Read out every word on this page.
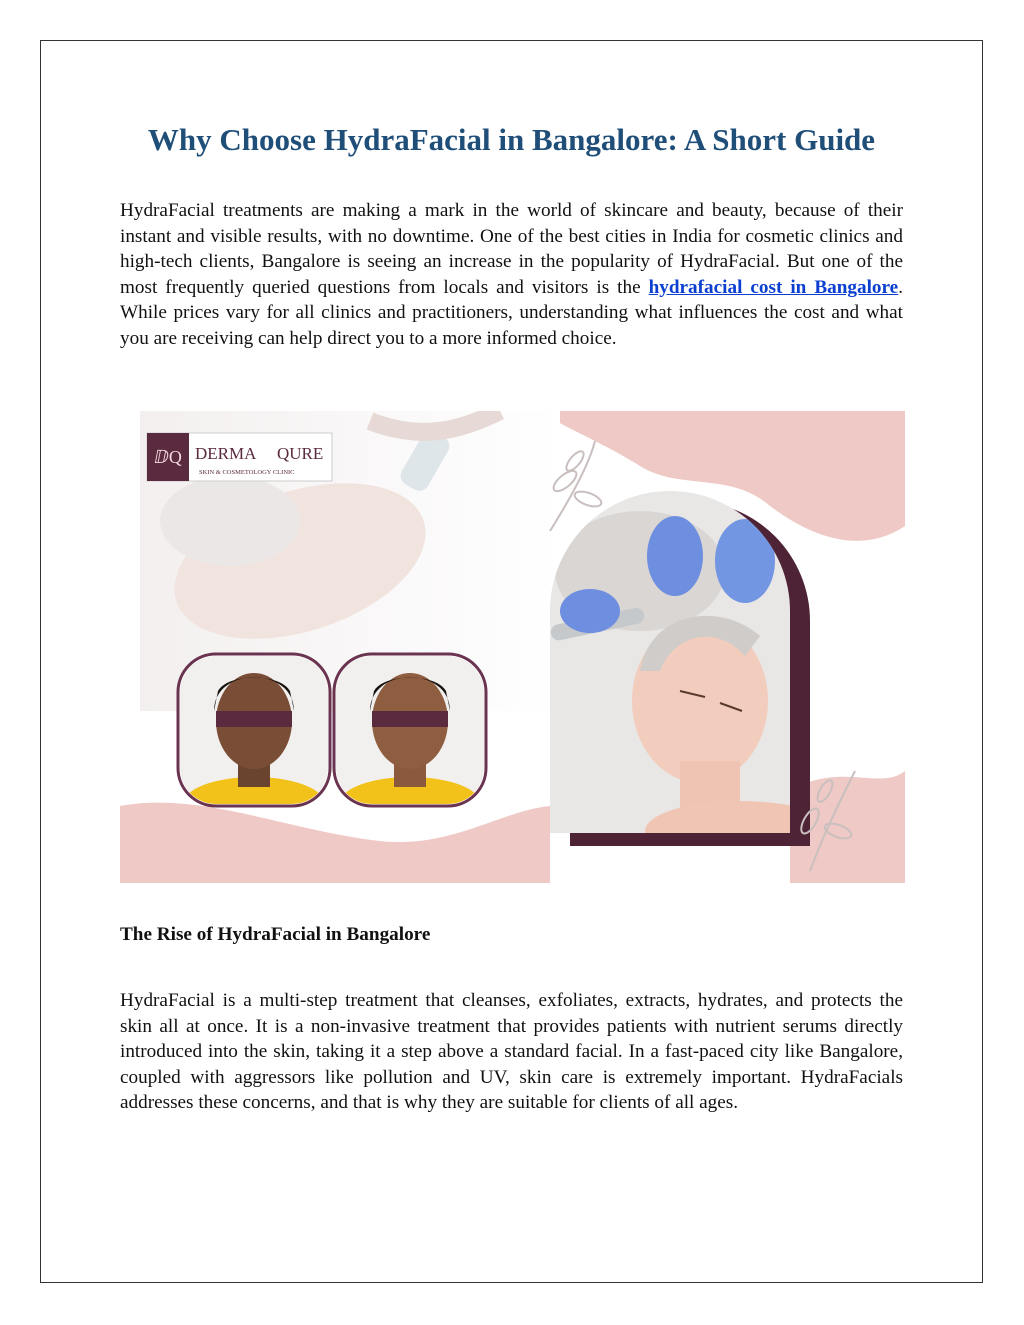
Why Choose HydraFacial in Bangalore: A Short Guide

HydraFacial treatments are making a mark in the world of skincare and beauty, because of their instant and visible results, with no downtime. One of the best cities in India for cosmetic clinics and high-tech clients, Bangalore is seeing an increase in the popularity of HydraFacial. But one of the most frequently queried questions from locals and visitors is the hydrafacial cost in Bangalore. While prices vary for all clinics and practitioners, understanding what influences the cost and what you are receiving can help direct you to a more informed choice.

ⅅQ DERMA QURE
SKIN & COSMETOLOGY CLINIC
The Rise of HydraFacial in Bangalore

HydraFacial is a multi-step treatment that cleanses, exfoliates, extracts, hydrates, and protects the skin all at once. It is a non-invasive treatment that provides patients with nutrient serums directly introduced into the skin, taking it a step above a standard facial. In a fast-paced city like Bangalore, coupled with aggressors like pollution and UV, skin care is extremely important. HydraFacials addresses these concerns, and that is why they are suitable for clients of all ages.
